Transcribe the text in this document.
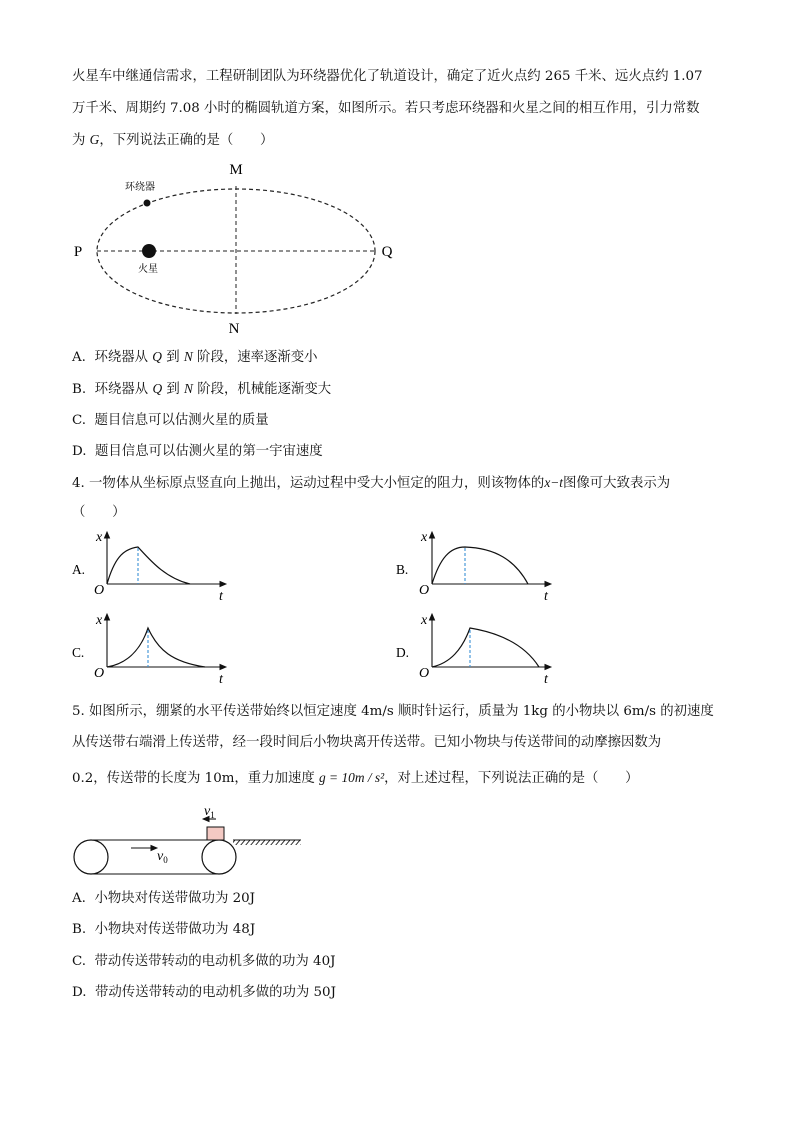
火星车中继通信需求，工程研制团队为环绕器优化了轨道设计，确定了近火点约 265 千米、远火点约 1.07
万千米、周期约 7.08 小时的椭圆轨道方案，如图所示。若只考虑环绕器和火星之间的相互作用，引力常数
为 G，下列说法正确的是（　　）
M
N
P	Q
环绕器
火星
A. 环绕器从 Q 到 N 阶段，速率逐渐变小
B. 环绕器从 Q 到 N 阶段，机械能逐渐变大
C. 题目信息可以估测火星的质量
D. 题目信息可以估测火星的第一宇宙速度
4. 一物体从坐标原点竖直向上抛出，运动过程中受大小恒定的阻力，则该物体的x−t图像可大致表示为
（　　）
A.
x
t
O
B.
x
t
O
C.
x
t
O
D.
x
t
O
5. 如图所示，绷紧的水平传送带始终以恒定速度 4m/s 顺时针运行，质量为 1kg 的小物块以 6m/s 的初速度
从传送带右端滑上传送带，经一段时间后小物块离开传送带。已知小物块与传送带间的动摩擦因数为
0.2，传送带的长度为 10m，重力加速度 g = 10m / s²，对上述过程，下列说法正确的是（　　）
$v_1$
$v_0$
A. 小物块对传送带做功为 20J
B. 小物块对传送带做功为 48J
C. 带动传送带转动的电动机多做的功为 40J
D. 带动传送带转动的电动机多做的功为 50J
